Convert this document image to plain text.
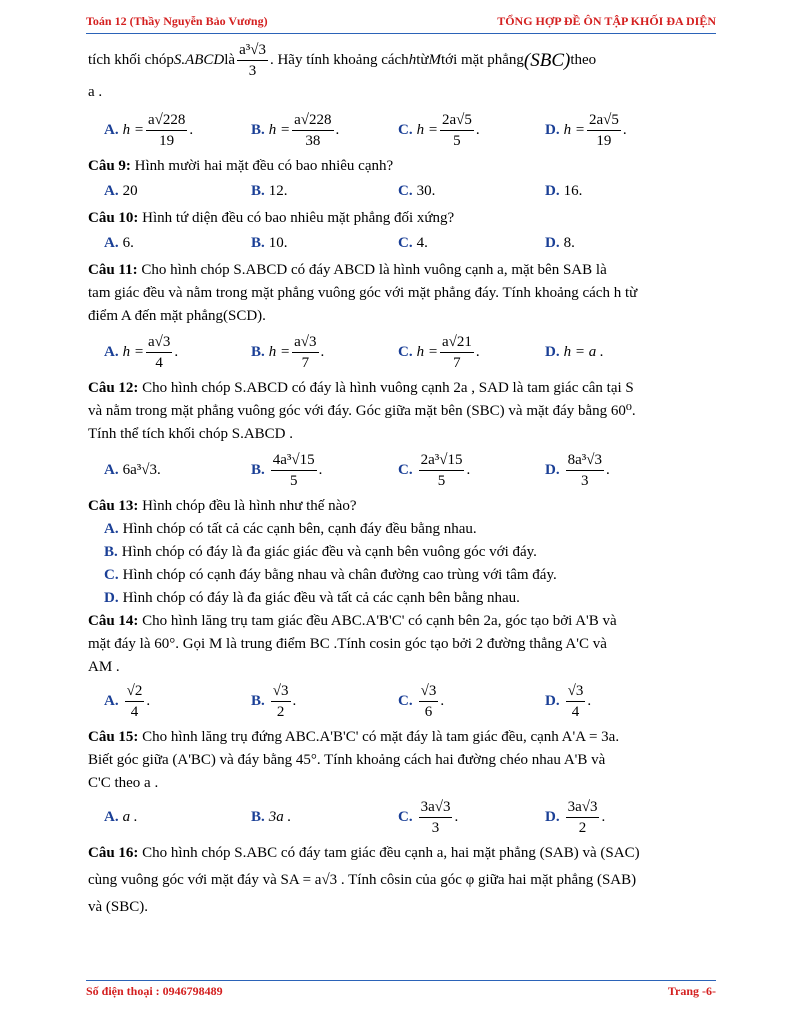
Toán 12 (Thầy Nguyễn Bảo Vương)	TỔNG HỢP ĐỀ ÔN TẬP KHỐI ĐA DIỆN

tích khối chóp S.ABCD là $\frac{\text{a³√3}}{3}$ . Hãy tính khoảng cách h từ M tới mặt phẳng (SBC) theo

a .

A. $h = \frac{a√228}{19}$ .	B. $h = \frac{a√228}{38}$ .	C. $h = \frac{2a√5}{5}$ .	D. $h = \frac{2a√5}{19}$ .

Câu 9: Hình mười hai mặt đều có bao nhiêu cạnh?

A. 20	B. 12.	C. 30.	D. 16.

Câu 10: Hình tứ diện đều có bao nhiêu mặt phẳng đối xứng?

A. 6.	B. 10.	C. 4.	D. 8.

Câu 11: Cho hình chóp S.ABCD có đáy ABCD là hình vuông cạnh a, mặt bên SAB là

tam giác đều và nằm trong mặt phẳng vuông góc với mặt phẳng đáy. Tính khoảng cách h từ

điểm A đến mặt phẳng(SCD).

A. $h = \frac{a√3}{4}$ .	B. $h = \frac{a√3}{7}$ .	C. $h = \frac{a√21}{7}$ .	D. h = a .

Câu 12: Cho hình chóp S.ABCD có đáy là hình vuông cạnh 2a , SAD là tam giác cân tại S

và nằm trong mặt phẳng vuông góc với đáy. Góc giữa mặt bên (SBC) và mặt đáy bằng 60⁰.

Tính thể tích khối chóp S.ABCD .

A. 6a³√3.	B. $\frac{\text{4a³√15}}{5}$ .	C. $\frac{\text{2a³√15}}{5}$ .	D. $\frac{\text{8a³√3}}{3}$ .

Câu 13: Hình chóp đều là hình như thế nào?

A. Hình chóp có tất cả các cạnh bên, cạnh đáy đều bằng nhau.
B. Hình chóp có đáy là đa giác giác đều và cạnh bên vuông góc với đáy.
C. Hình chóp có cạnh đáy bằng nhau và chân đường cao trùng với tâm đáy.
D. Hình chóp có đáy là đa giác đều và tất cả các cạnh bên bằng nhau.

Câu 14: Cho hình lăng trụ tam giác đều ABC.A'B'C' có cạnh bên 2a, góc tạo bởi A'B và

mặt đáy là 60°. Gọi M là trung điểm BC .Tính cosin góc tạo bởi 2 đường thẳng A'C và

AM .

A. $\frac{√2}{4}$ .	B. $\frac{√3}{2}$ .	C. $\frac{√3}{6}$ .	D. $\frac{√3}{4}$ .

Câu 15: Cho hình lăng trụ đứng ABC.A'B'C' có mặt đáy là tam giác đều, cạnh A'A = 3a.

Biết góc giữa (A'BC) và đáy bằng 45°. Tính khoảng cách hai đường chéo nhau A'B và

C'C theo a .

A. a .	B. 3a .	C. $\frac{3a√3}{3}$ .	D. $\frac{3a√3}{2}$ .

Câu 16: Cho hình chóp S.ABC có đáy tam giác đều cạnh a, hai mặt phẳng (SAB) và (SAC)

cùng vuông góc với mặt đáy và SA = a√3 . Tính côsin của góc φ giữa hai mặt phẳng (SAB)

và (SBC).

Số điện thoại : 0946798489	Trang -6-
